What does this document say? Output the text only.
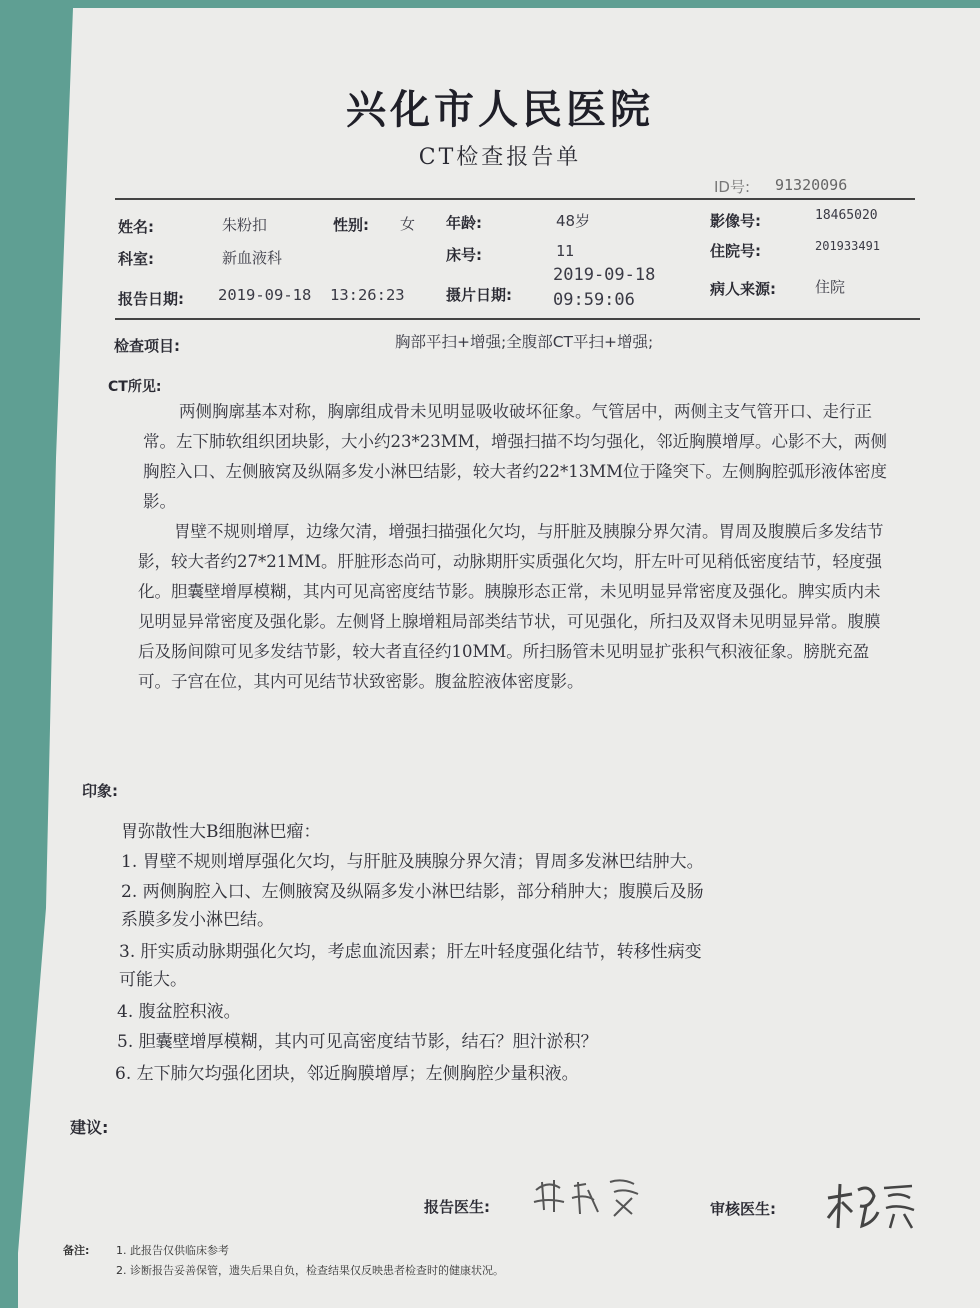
兴化市人民医院
CT检查报告单
ID号: 91320096
姓名:	朱粉扣	性别: 女 年龄:	48岁	影像号:	18465020
科室:	新血液科	床号:	11	住院号:	201933491
报告日期: 2019-09-18  13:26:23	摄片日期:
2019-09-18
09:59:06
病人来源:	住院
检查项目:	胸部平扫+增强;全腹部CT平扫+增强;
CT所见:
两侧胸廓基本对称，胸廓组成骨未见明显吸收破坏征象。气管居中，两侧主支气管开口、走行正常。左下肺软组织团块影，大小约23*23MM，增强扫描不均匀强化，邻近胸膜增厚。心影不大，两侧胸腔入口、左侧腋窝及纵隔多发小淋巴结影，较大者约22*13MM位于隆突下。左侧胸腔弧形液体密度影。
胃壁不规则增厚，边缘欠清，增强扫描强化欠均，与肝脏及胰腺分界欠清。胃周及腹膜后多发结节影，较大者约27*21MM。肝脏形态尚可，动脉期肝实质强化欠均，肝左叶可见稍低密度结节，轻度强化。胆囊壁增厚模糊，其内可见高密度结节影。胰腺形态正常，未见明显异常密度及强化。脾实质内未见明显异常密度及强化影。左侧肾上腺增粗局部类结节状，可见强化，所扫及双肾未见明显异常。腹膜后及肠间隙可见多发结节影，较大者直径约10MM。所扫肠管未见明显扩张积气积液征象。膀胱充盈可。子宫在位，其内可见结节状致密影。腹盆腔液体密度影。
印象:
胃弥散性大B细胞淋巴瘤：
1. 胃壁不规则增厚强化欠均，与肝脏及胰腺分界欠清；胃周多发淋巴结肿大。
2. 两侧胸腔入口、左侧腋窝及纵隔多发小淋巴结影，部分稍肿大；腹膜后及肠
系膜多发小淋巴结。
3. 肝实质动脉期强化欠均，考虑血流因素；肝左叶轻度强化结节，转移性病变
可能大。
4. 腹盆腔积液。
5. 胆囊壁增厚模糊，其内可见高密度结节影，结石？胆汁淤积？
6. 左下肺欠均强化团块，邻近胸膜增厚；左侧胸腔少量积液。
建议:
报告医生:	审核医生:
备注: 1. 此报告仅供临床参考
2. 诊断报告妥善保管，遗失后果自负，检查结果仅反映患者检查时的健康状况。
